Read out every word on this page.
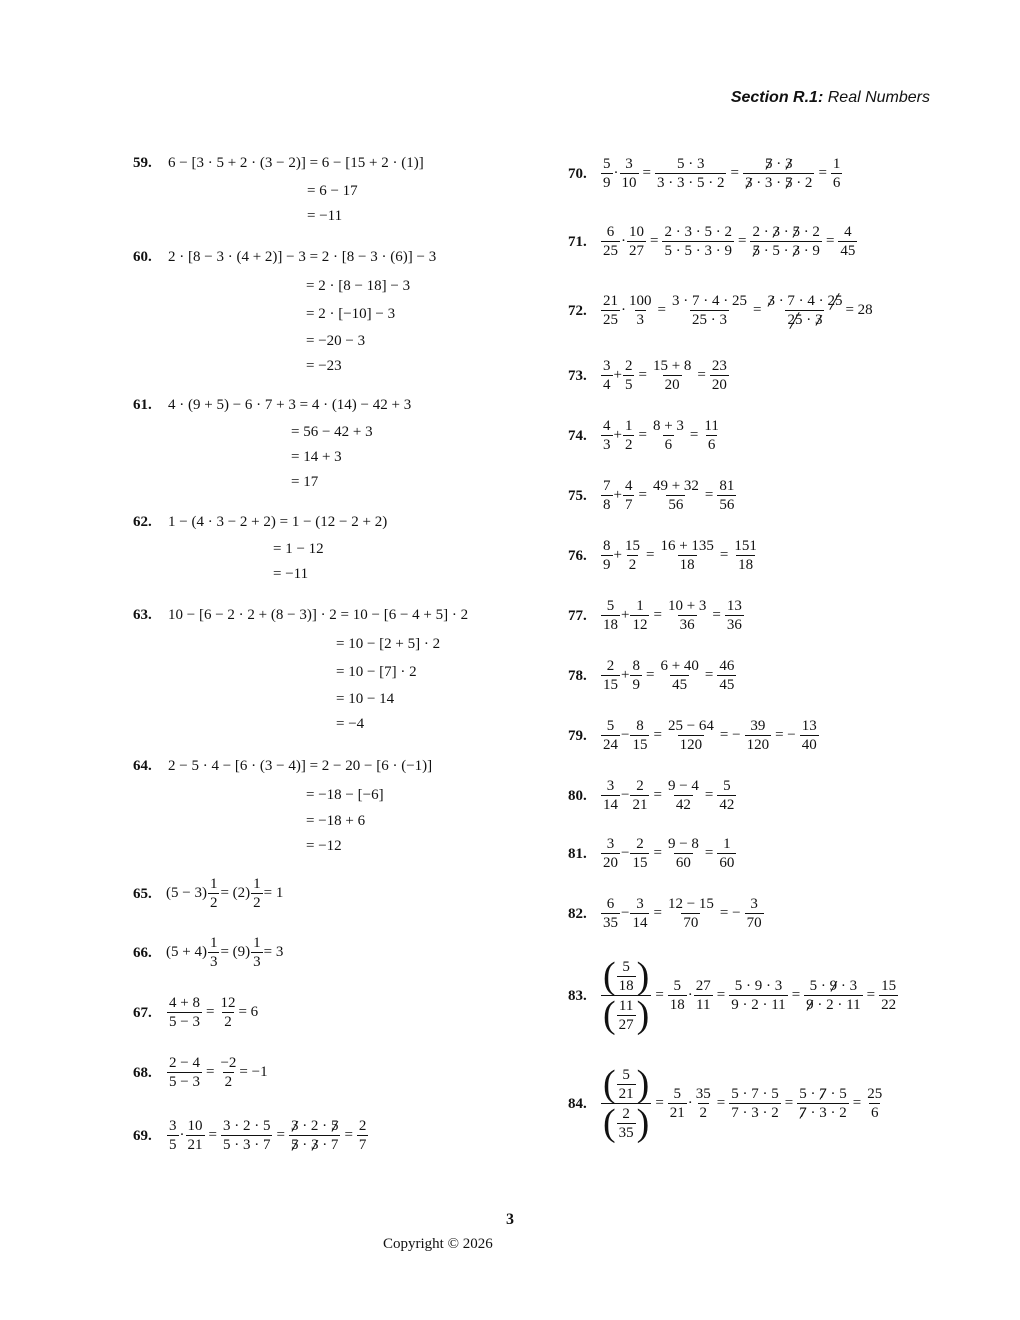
Section R.1: Real Numbers
59. 6 − [3 · 5 + 2 · (3 − 2)] = 6 − [15 + 2 · (1)]
= 6 − 17
= −11
60. 2 · [8 − 3 · (4 + 2)] − 3 = 2 · [8 − 3 · (6)] − 3
= 2 · [8 − 18] − 3
= 2 · [−10] − 3
= −20 − 3
= −23
61. 4 · (9 + 5) − 6 · 7 + 3 = 4 · (14) − 42 + 3
= 56 − 42 + 3
= 14 + 3
= 17
62. 1 − (4 · 3 − 2 + 2) = 1 − (12 − 2 + 2)
= 1 − 12
= −11
63. 10 − [6 − 2 · 2 + (8 − 3)] · 2 = 10 − [6 − 4 + 5] · 2
= 10 − [2 + 5] · 2
= 10 − [7] · 2
= 10 − 14
= −4
64. 2 − 5 · 4 − [6 · (3 − 4)] = 2 − 20 − [6 · (−1)]
= −18 − [−6]
= −18 + 6
= −12
65. $(5 - 3) \frac{1}{2} = (2) \frac{1}{2} = 1$
66. $(5 + 4) \frac{1}{3} = (9) \frac{1}{3} = 3$
67. $\frac{4 + 8}{5 - 3} = \frac{12}{2} = 6$
68. $\frac{2 - 4}{5 - 3} = \frac{-2}{2} = -1$
69. $\frac{3}{5} \cdot \frac{10}{21} = \frac{3 \cdot 2 \cdot 5}{5 \cdot 3 \cdot 7} = \frac{3 \cdot 2 \cdot 5}{5 \cdot 3 \cdot 7} = \frac{2}{7}$
70. $\frac{5}{9} \cdot \frac{3}{10} = \frac{5 \cdot 3}{3 \cdot 3 \cdot 5 \cdot 2} = \frac{5 \cdot 3}{3 \cdot 3 \cdot 5 \cdot 2} = \frac{1}{6}$
71. $\frac{6}{25} \cdot \frac{10}{27} = \frac{2 \cdot 3 \cdot 5 \cdot 2}{5 \cdot 5 \cdot 3 \cdot 9} = \frac{2 \cdot 3 \cdot 5 \cdot 2}{5 \cdot 5 \cdot 3 \cdot 9} = \frac{4}{45}$
72. $\frac{21}{25} \cdot \frac{100}{3} = \frac{3 \cdot 7 \cdot 4 \cdot 25}{25 \cdot 3} = \frac{3 \cdot 7 \cdot 4 \cdot 25}{25 \cdot 3} = 28$
73. $\frac{3}{4} + \frac{2}{5} = \frac{15 + 8}{20} = \frac{23}{20}$
74. $\frac{4}{3} + \frac{1}{2} = \frac{8 + 3}{6} = \frac{11}{6}$
75. $\frac{7}{8} + \frac{4}{7} = \frac{49 + 32}{56} = \frac{81}{56}$
76. $\frac{8}{9} + \frac{15}{2} = \frac{16 + 135}{18} = \frac{151}{18}$
77. $\frac{5}{18} + \frac{1}{12} = \frac{10 + 3}{36} = \frac{13}{36}$
78. $\frac{2}{15} + \frac{8}{9} = \frac{6 + 40}{45} = \frac{46}{45}$
79. $\frac{5}{24} - \frac{8}{15} = \frac{25 - 64}{120}$ = − $\frac{39}{120}$ = − $\frac{13}{40}$
80. $\frac{3}{14} - \frac{2}{21} = \frac{9 - 4}{42} = \frac{5}{42}$
81. $\frac{3}{20} - \frac{2}{15} = \frac{9 - 8}{60} = \frac{1}{60}$
82. $\frac{6}{35} - \frac{3}{14} = \frac{12 - 15}{70}$ = − $\frac{3}{70}$
83. $\frac{( \frac{5}{18} )}{( \frac{11}{27} )} = \frac{5}{18} \cdot \frac{27}{11} = \frac{5 \cdot 9 \cdot 3}{9 \cdot 2 \cdot 11} = \frac{5 \cdot 9 \cdot 3}{9 \cdot 2 \cdot 11} = \frac{15}{22}$
84. $\frac{( \frac{5}{21} )}{( \frac{2}{35} )} = \frac{5}{21} \cdot \frac{35}{2} = \frac{5 \cdot 7 \cdot 5}{7 \cdot 3 \cdot 2} = \frac{5 \cdot 7 \cdot 5}{7 \cdot 3 \cdot 2} = \frac{25}{6}$
3
Copyright © 2026
